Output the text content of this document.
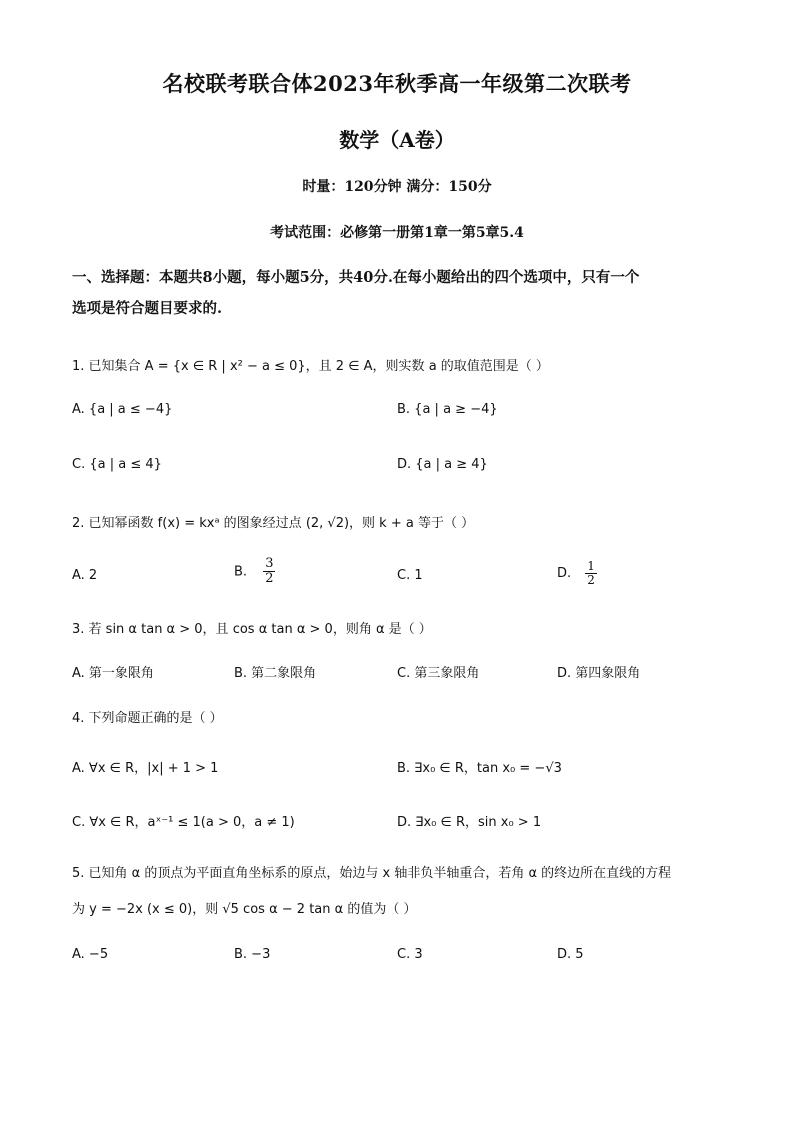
名校联考联合体2023年秋季高一年级第二次联考
数学（A卷）
时量：120分钟 满分：150分
考试范围：必修第一册第1章一第5章5.4
一、选择题：本题共8小题，每小题5分，共40分.在每小题给出的四个选项中，只有一个
选项是符合题目要求的.
1. 已知集合 A = {x ∈ R | x² − a ≤ 0}，且 2 ∈ A，则实数 a 的取值范围是（ ）
A. {a | a ≤ −4}	B. {a | a ≥ −4}
C. {a | a ≤ 4}	D. {a | a ≥ 4}
2. 已知幂函数 f(x) = kxᵃ 的图象经过点 (2, √2)，则 k + a 等于（ ）
A. 2	B. $\frac{3}{2}$	C. 1	D. $\frac{1}{2}$
3. 若 sin α tan α > 0，且 cos α tan α > 0，则角 α 是（ ）
A. 第一象限角	B. 第二象限角	C. 第三象限角	D. 第四象限角
4. 下列命题正确的是（ ）
A. ∀x ∈ R，|x| + 1 > 1	B. ∃x₀ ∈ R，tan x₀ = −√3
C. ∀x ∈ R，aˣ⁻¹ ≤ 1(a > 0，a ≠ 1)	D. ∃x₀ ∈ R，sin x₀ > 1
5. 已知角 α 的顶点为平面直角坐标系的原点，始边与 x 轴非负半轴重合，若角 α 的终边所在直线的方程
为 y = −2x (x ≤ 0)，则 √5 cos α − 2 tan α 的值为（ ）
A. −5	B. −3	C. 3	D. 5
